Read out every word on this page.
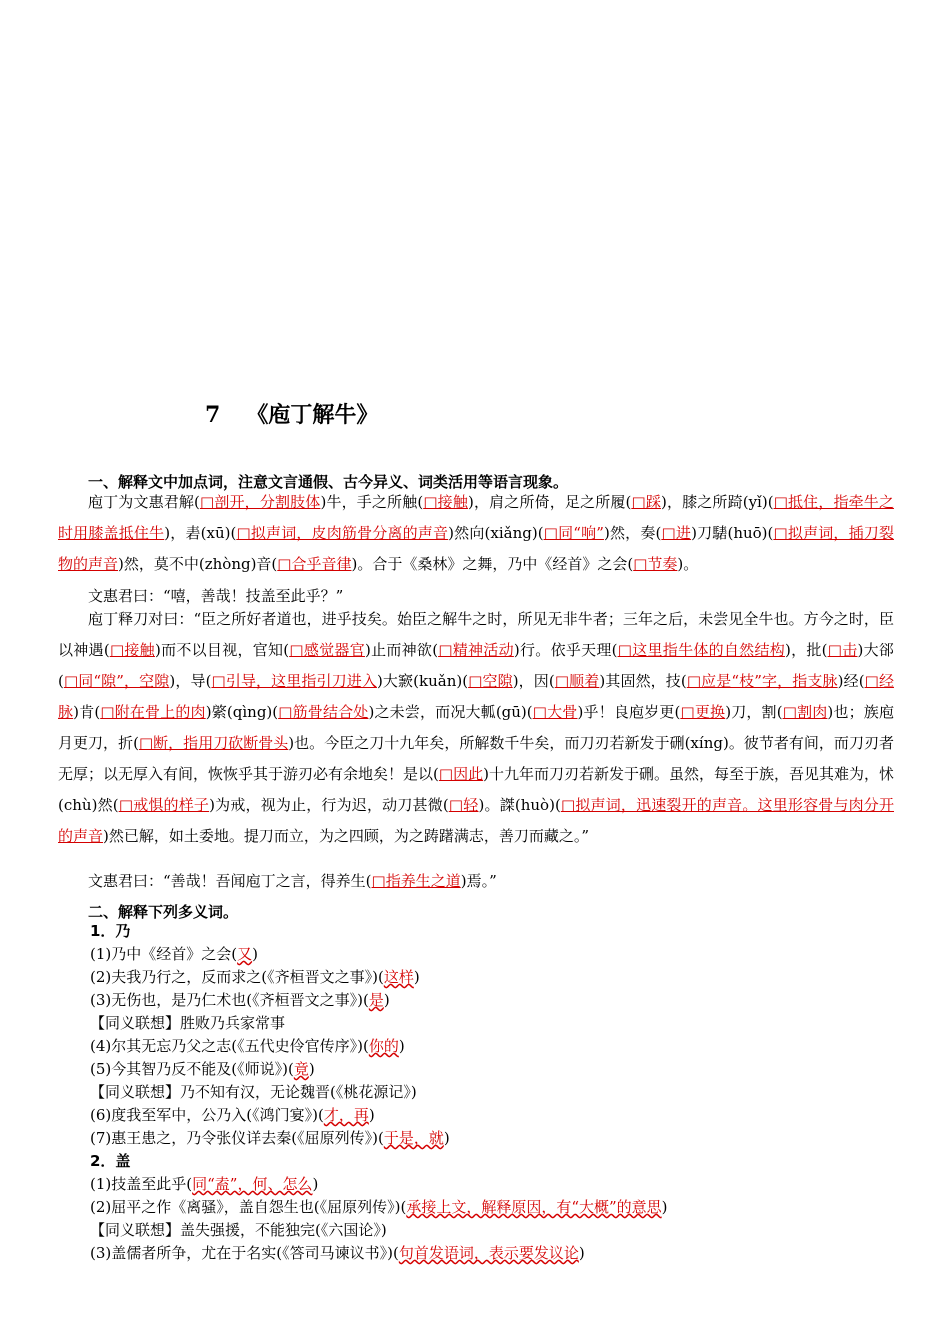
7 《庖丁解牛》
一、解释文中加点词，注意文言通假、古今异义、词类活用等语言现象。
庖丁为文惠君解(□剖开，分割肢体)牛，手之所触(□接触)，肩之所倚，足之所履(□踩)，膝之所踦(yǐ)(□抵住，指牵牛之时用膝盖抵住牛)，砉(xū)(□拟声词，皮肉筋骨分离的声音)然向(xiǎng)(□同“响”)然，奏(□进)刀騞(huō)(□拟声词，插刀裂物的声音)然，莫不中(zhòng)音(□合乎音律)。合于《桑林》之舞，乃中《经首》之会(□节奏)。
文惠君曰：“嘻，善哉！技盖至此乎？”
庖丁释刀对曰：“臣之所好者道也，进乎技矣。始臣之解牛之时，所见无非牛者；三年之后，未尝见全牛也。方今之时，臣以神遇(□接触)而不以目视，官知(□感觉器官)止而神欲(□精神活动)行。依乎天理(□这里指牛体的自然结构)，批(□击)大郤(□同“隙”，空隙)，导(□引导，这里指引刀进入)大窾(kuǎn)(□空隙)，因(□顺着)其固然，技(□应是“枝”字，指支脉)经(□经脉)肯(□附在骨上的肉)綮(qìng)(□筋骨结合处)之未尝，而况大軱(gū)(□大骨)乎！良庖岁更(□更换)刀，割(□割肉)也；族庖月更刀，折(□断，指用刀砍断骨头)也。今臣之刀十九年矣，所解数千牛矣，而刀刃若新发于硎(xíng)。彼节者有间，而刀刃者无厚；以无厚入有间，恢恢乎其于游刃必有余地矣！是以(□因此)十九年而刀刃若新发于硎。虽然，每至于族，吾见其难为，怵(chù)然(□戒惧的样子)为戒，视为止，行为迟，动刀甚微(□轻)。謋(huò)(□拟声词，迅速裂开的声音。这里形容骨与肉分开的声音)然已解，如土委地。提刀而立，为之四顾，为之踌躇满志，善刀而藏之。”
文惠君曰：“善哉！吾闻庖丁之言，得养生(□指养生之道)焉。”
二、解释下列多义词。
1．乃
(1)乃中《经首》之会(又)
(2)夫我乃行之，反而求之(《齐桓晋文之事》)(这样)
(3)无伤也，是乃仁术也(《齐桓晋文之事》)(是)
【同义联想】胜败乃兵家常事
(4)尔其无忘乃父之志(《五代史伶官传序》)(你的)
(5)今其智乃反不能及(《师说》)(竟)
【同义联想】乃不知有汉，无论魏晋(《桃花源记》)
(6)度我至军中，公乃入(《鸿门宴》)(才，再)
(7)惠王患之，乃令张仪详去秦(《屈原列传》)(于是，就)
2．盖
(1)技盖至此乎(同“盍”，何、怎么)
(2)屈平之作《离骚》，盖自怨生也(《屈原列传》)(承接上文，解释原因，有“大概”的意思)
【同义联想】盖失强援，不能独完(《六国论》)
(3)盖儒者所争，尤在于名实(《答司马谏议书》)(句首发语词，表示要发议论)
